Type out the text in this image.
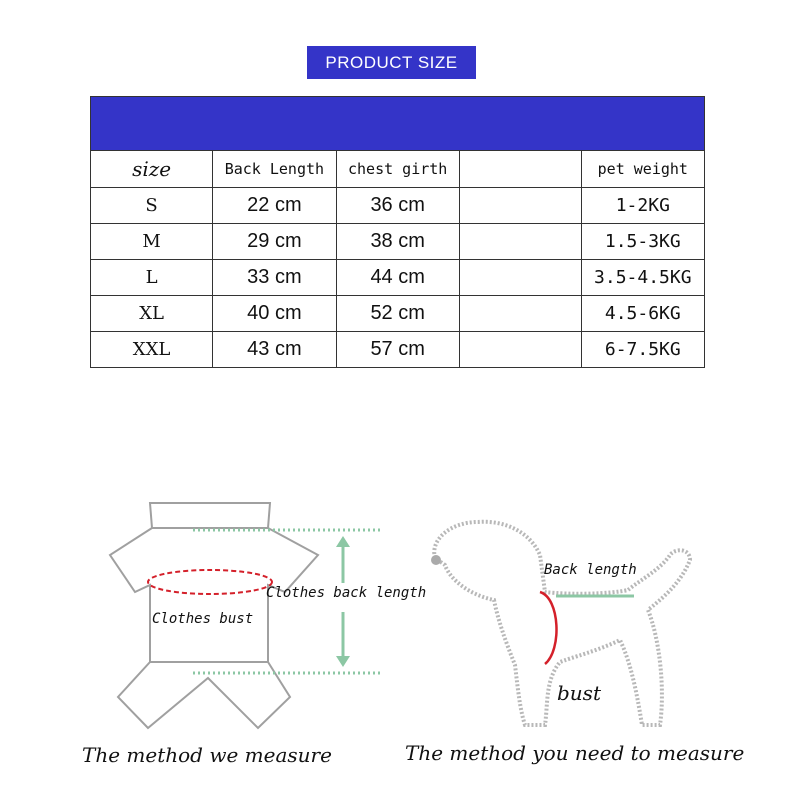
PRODUCT SIZE

size	Back Length	chest girth		pet weight
S	22 cm	36 cm		1-2KG
M	29 cm	38 cm		1.5-3KG
L	33 cm	44 cm		3.5-4.5KG
XL	40 cm	52 cm		4.5-6KG
XXL	43 cm	57 cm		6-7.5KG
Clothes back length
Clothes bust
The method we measure
Back length
bust
The method you need to measure
